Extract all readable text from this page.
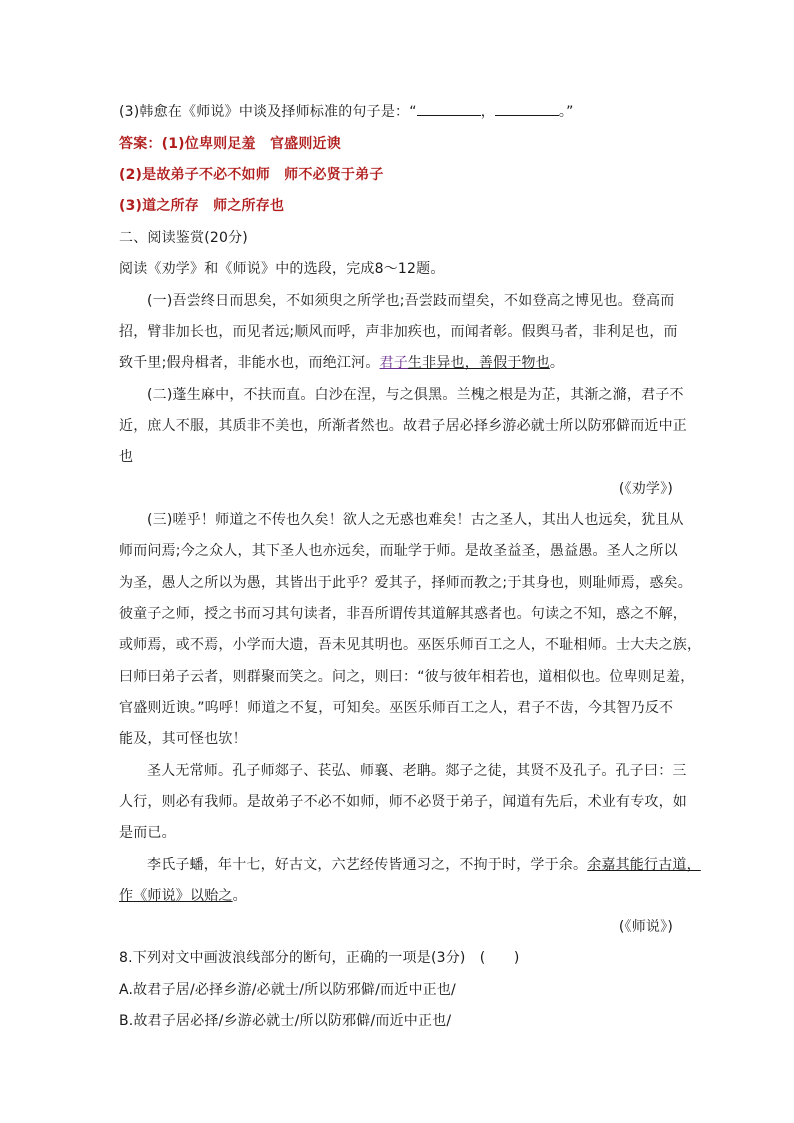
(3)韩愈在《师说》中谈及择师标准的句子是：“	，	。”
答案：(1)位卑则足羞　官盛则近谀
(2)是故弟子不必不如师　师不必贤于弟子
(3)道之所存　师之所存也
二、阅读鉴赏(20分)
阅读《劝学》和《师说》中的选段，完成8～12题。
(一)吾尝终日而思矣，不如须臾之所学也;吾尝跂而望矣，不如登高之博见也。登高而
招，臂非加长也，而见者远;顺风而呼，声非加疾也，而闻者彰。假舆马者，非利足也，而
致千里;假舟楫者，非能水也，而绝江河。君子生非异也，善假于物也。
(二)蓬生麻中，不扶而直。白沙在涅，与之俱黑。兰槐之根是为芷，其渐之滫，君子不
近，庶人不服，其质非不美也，所渐者然也。故君子居必择乡游必就士所以防邪僻而近中正
也
(《劝学》)
(三)嗟乎！师道之不传也久矣！欲人之无惑也难矣！古之圣人，其出人也远矣，犹且从
师而问焉;今之众人，其下圣人也亦远矣，而耻学于师。是故圣益圣，愚益愚。圣人之所以
为圣，愚人之所以为愚，其皆出于此乎？爱其子，择师而教之;于其身也，则耻师焉，惑矣。
彼童子之师，授之书而习其句读者，非吾所谓传其道解其惑者也。句读之不知，惑之不解，
或师焉，或不焉，小学而大遗，吾未见其明也。巫医乐师百工之人，不耻相师。士大夫之族，
曰师曰弟子云者，则群聚而笑之。问之，则曰：“彼与彼年相若也，道相似也。位卑则足羞，
官盛则近谀。”呜呼！师道之不复，可知矣。巫医乐师百工之人，君子不齿，今其智乃反不
能及，其可怪也欤！
圣人无常师。孔子师郯子、苌弘、师襄、老聃。郯子之徒，其贤不及孔子。孔子曰：三
人行，则必有我师。是故弟子不必不如师，师不必贤于弟子，闻道有先后，术业有专攻，如
是而已。
李氏子蟠，年十七，好古文，六艺经传皆通习之，不拘于时，学于余。余嘉其能行古道，
作《师说》以贻之。
(《师说》)
8.下列对文中画波浪线部分的断句，正确的一项是(3分)　(　　)
A.故君子居/必择乡游/必就士/所以防邪僻/而近中正也/
B.故君子居必择/乡游必就士/所以防邪僻/而近中正也/
